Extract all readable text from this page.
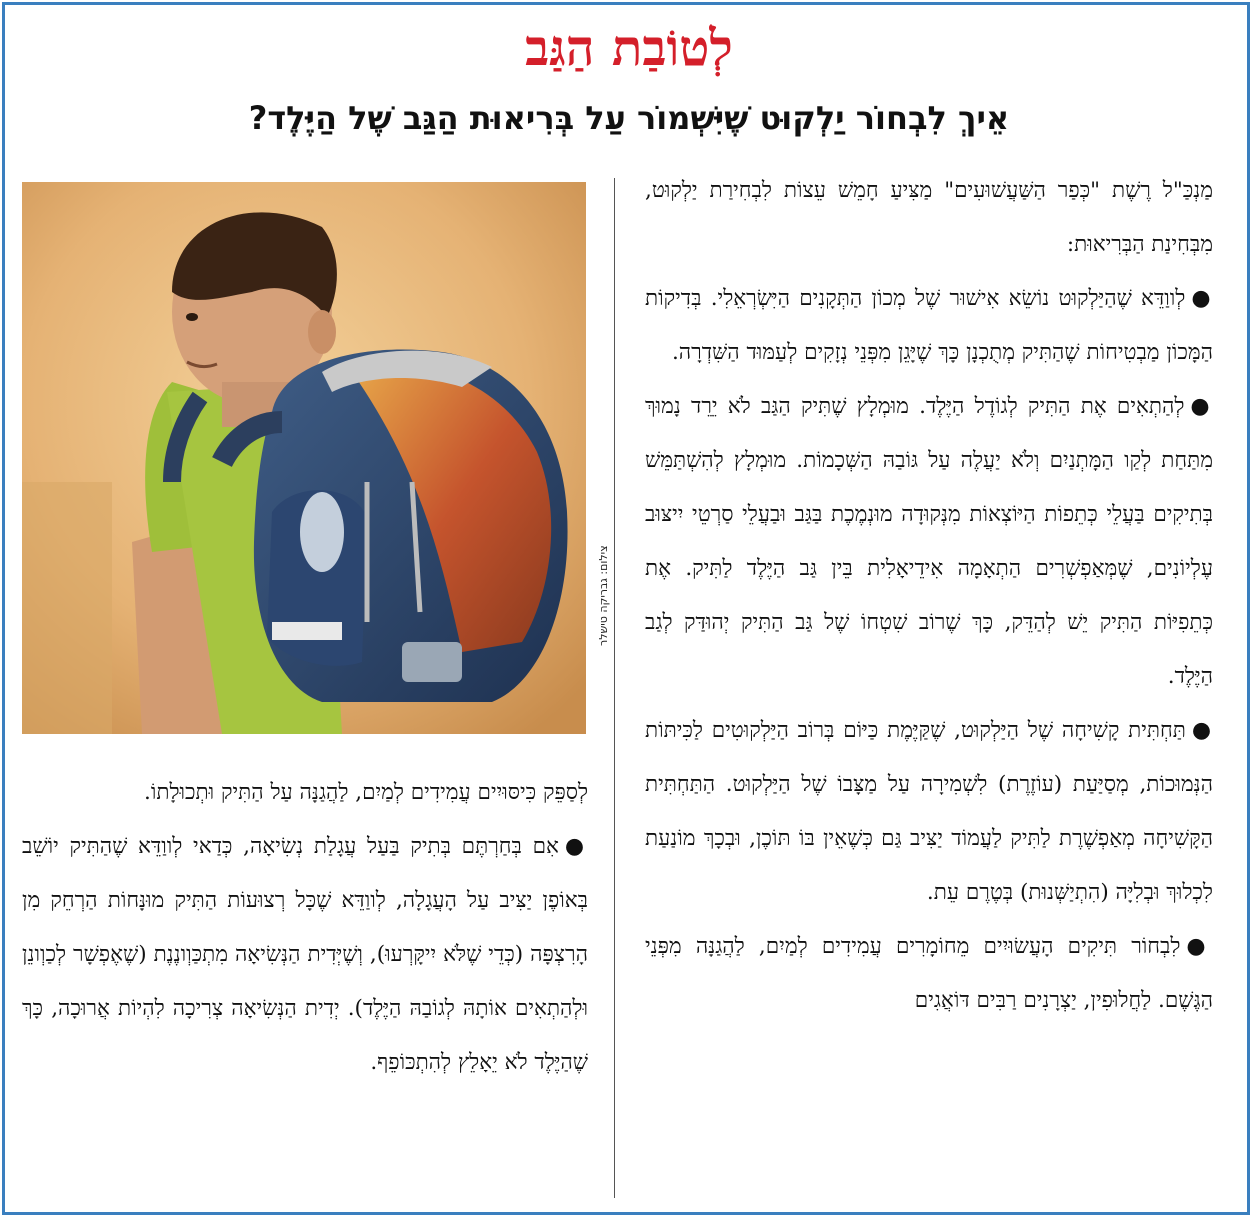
לְטוֹבַת הַגַּב
אֵיךְ לִבְחוֹר יַלְקוּט שֶׁיִּשְׁמוֹר עַל בְּרִיאוּת הַגַּב שֶׁל הַיֶּלֶד?

מַנְכַּ"ל רֶשֶׁת "כְּפַר הַשַּׁעֲשׁוּעִים" מַצִּיעַ חָמֵשׁ עֵצוֹת לִבְחִירַת יַלְקוּט, מִבְּחִינַת הַבְּרִיאוּת:

●לְווַדֵּא שֶׁהַיַּלְקוּט נוֹשֵׂא אִישׁוּר שֶׁל מְכוֹן הַתְּקָנִים הַיִּשְׂרְאֵלִי. בְּדִיקוֹת הַמָּכוֹן מַבְטִיחוֹת שֶׁהַתִּיק מְתֻכְנָן כָּךְ שֶׁיָּגֵן מִפְּנֵי נְזָקִים לְעַמּוּד הַשִּׁדְרָה.

●לְהַתְאִים אֶת הַתִּיק לְגוֹדֶל הַיֶּלֶד. מוּמְלָץ שֶׁתִּיק הַגַּב לֹא יֵרֵד נָמוּךְ מִתַּחַת לְקַו הַמָּתְנַיִם וְלֹא יַעֲלֶה עַל גּוֹבַהּ הַשְּׁכָמוֹת. מוּמְלָץ לְהִשְׁתַּמֵּשׁ בְּתִיקִים בַּעֲלֵי כְּתֵפוֹת הַיּוֹצְאוֹת מִנְּקוּדָה מוּנְמֶכֶת בַּגַּב וּבַעֲלֵי סַרְטֵי יִיצּוּב עֶלְיוֹנִים, שֶׁמְּאַפְשְׁרִים הַתְאָמָה אִידֵיאָלִית בֵּין גַּב הַיֶּלֶד לַתִּיק. אֶת כְּתֵפִיּוֹת הַתִּיק יֵשׁ לְהַדֵּק, כָּךְ שֶׁרוֹב שִׁטְחוֹ שֶׁל גַּב הַתִּיק יְהוּדַּק לְגַב הַיֶּלֶד.

●תַּחְתִּית קָשִׁיחָה שֶׁל הַיַּלְקוּט, שֶׁקַּיֶּמֶת כַּיּוֹם בְּרוֹב הַיַּלְקוּטִים לַכִּיתּוֹת הַנְּמוּכוֹת, מְסַיַּעַת (עוֹזֶרֶת) לִשְׁמִירָה עַל מַצָּבוֹ שֶׁל הַיַּלְקוּט. הַתַּחְתִּית הַקָּשִׁיחָה מְאַפְשֶׁרֶת לַתִּיק לַעֲמוֹד יַצִּיב גַּם כְּשֶׁאֵין בּוֹ תּוֹכֶן, וּבְכָךְ מוֹנַעַת לִכְלוּךְ וּבְלִיָּה (הִתְיַשְּׁנוּת) בְּטֶרֶם עֵת.

●לִבְחוֹר תִּיקִים הָעֲשׂוּיִים מֵחוֹמָרִים עֲמִידִים לְמַיִם, לַהֲגַנָּה מִפְּנֵי הַגֶּשֶׁם. לַחֲלוּפִין, יַצְרָנִים רַבִּים דּוֹאֲגִים

צילום: גבריקה טישלר

לְסַפֵּק כִּיסּוּיִים עֲמִידִים לְמַיִם, לַהֲגַנָּה עַל הַתִּיק וּתְכוּלָתוֹ.

●אִם בְּחַרְתֶּם בְּתִיק בַּעַל עֲגָלַת נְשִׂיאָה, כְּדַאי לְווַדֵּא שֶׁהַתִּיק יוֹשֵׁב בְּאוֹפֶן יַצִּיב עַל הָעֲגָלָה, לְווַדֵּא שֶׁכָּל רְצוּעוֹת הַתִּיק מוּנָּחוֹת הַרְחֵק מִן הָרִצְפָּה (כְּדֵי שֶׁלֹּא יִיקָּרְעוּ), וְשֶׁיְּדִית הַנְּשִׂיאָה מִתְכַּוְונֶנֶת (שֶׁאֶפְשָׁר לְכַוְונֵן וּלְהַתְאִים אוֹתָהּ לְגוֹבַהּ הַיֶּלֶד). יְדִית הַנְּשִׂיאָה צְרִיכָה לִהְיוֹת אֲרוּכָה, כָּךְ שֶׁהַיֶּלֶד לֹא יֵאָלֵץ לְהִתְכּוֹפֵף.
